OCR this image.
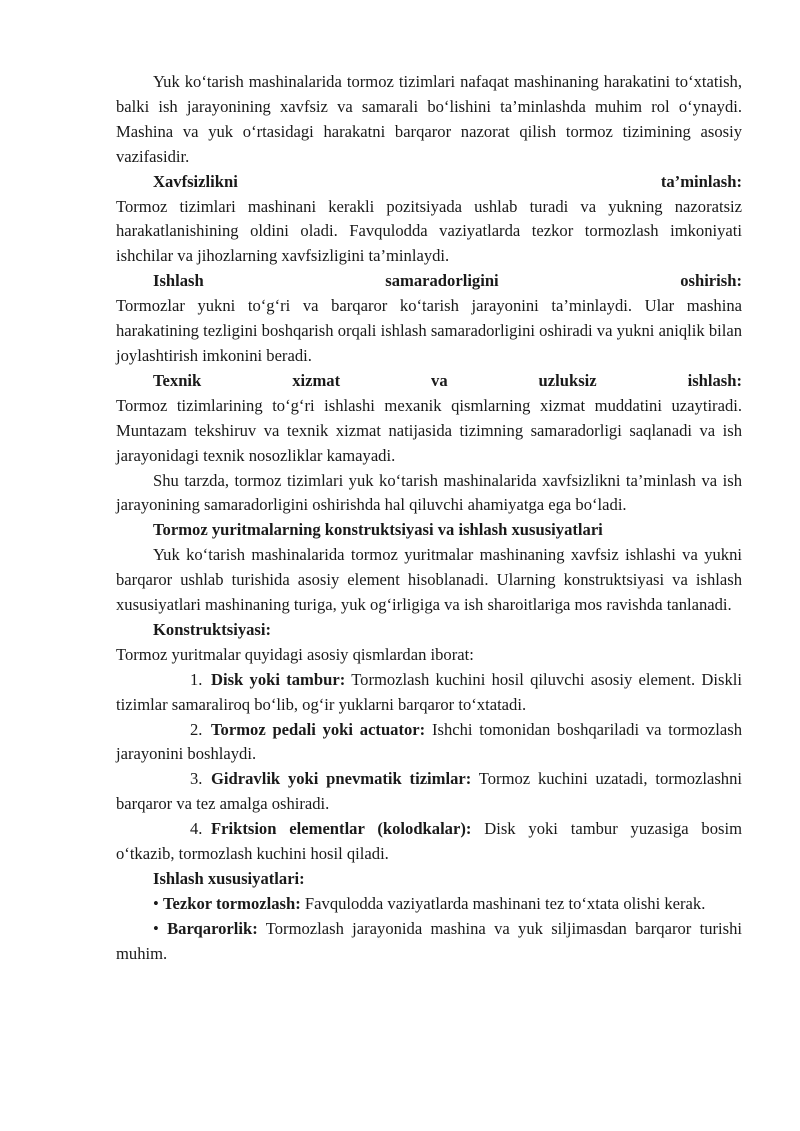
Yuk ko‘tarish mashinalarida tormoz tizimlari nafaqat mashinaning harakatini to‘xtatish, balki ish jarayonining xavfsiz va samarali bo‘lishini ta’minlashda muhim rol o‘ynaydi. Mashina va yuk o‘rtasidagi harakatni barqaror nazorat qilish tormoz tizimining asosiy vazifasidir.

Xavfsizlikni ta’minlash:

Tormoz tizimlari mashinani kerakli pozitsiyada ushlab turadi va yukning nazoratsiz harakatlanishining oldini oladi. Favqulodda vaziyatlarda tezkor tormozlash imkoniyati ishchilar va jihozlarning xavfsizligini ta’minlaydi.

Ishlash samaradorligini oshirish:

Tormozlar yukni to‘g‘ri va barqaror ko‘tarish jarayonini ta’minlaydi. Ular mashina harakatining tezligini boshqarish orqali ishlash samaradorligini oshiradi va yukni aniqlik bilan joylashtirish imkonini beradi.

Texnik xizmat va uzluksiz ishlash:

Tormoz tizimlarining to‘g‘ri ishlashi mexanik qismlarning xizmat muddatini uzaytiradi. Muntazam tekshiruv va texnik xizmat natijasida tizimning samaradorligi saqlanadi va ish jarayonidagi texnik nosozliklar kamayadi.

Shu tarzda, tormoz tizimlari yuk ko‘tarish mashinalarida xavfsizlikni ta’minlash va ish jarayonining samaradorligini oshirishda hal qiluvchi ahamiyatga ega bo‘ladi.

Tormoz yuritmalarning konstruktsiyasi va ishlash xususiyatlari

Yuk ko‘tarish mashinalarida tormoz yuritmalar mashinaning xavfsiz ishlashi va yukni barqaror ushlab turishida asosiy element hisoblanadi. Ularning konstruktsiyasi va ishlash xususiyatlari mashinaning turiga, yuk og‘irligiga va ish sharoitlariga mos ravishda tanlanadi.

Konstruktsiyasi:

Tormoz yuritmalar quyidagi asosiy qismlardan iborat:

1. Disk yoki tambur: Tormozlash kuchini hosil qiluvchi asosiy element. Diskli tizimlar samaraliroq bo‘lib, og‘ir yuklarni barqaror to‘xtatadi.

2. Tormoz pedali yoki actuator: Ishchi tomonidan boshqariladi va tormozlash jarayonini boshlaydi.

3. Gidravlik yoki pnevmatik tizimlar: Tormoz kuchini uzatadi, tormozlashni barqaror va tez amalga oshiradi.

4. Friktsion elementlar (kolodkalar): Disk yoki tambur yuzasiga bosim o‘tkazib, tormozlash kuchini hosil qiladi.

Ishlash xususiyatlari:

• Tezkor tormozlash: Favqulodda vaziyatlarda mashinani tez to‘xtata olishi kerak.

• Barqarorlik: Tormozlash jarayonida mashina va yuk siljimasdan barqaror turishi muhim.
